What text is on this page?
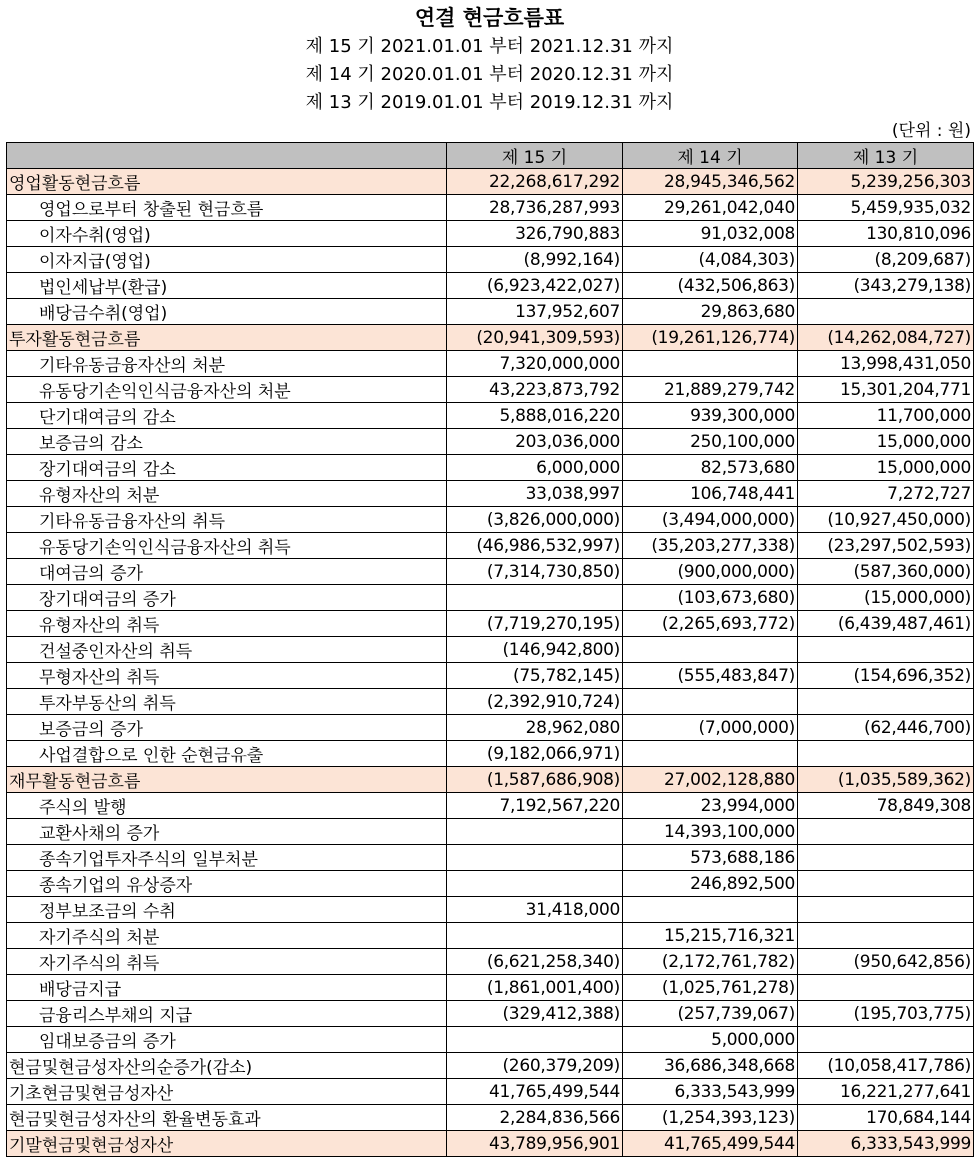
연결 현금흐름표
제 15 기 2021.01.01 부터 2021.12.31 까지
제 14 기 2020.01.01 부터 2020.12.31 까지
제 13 기 2019.01.01 부터 2019.12.31 까지
(단위 : 원)
	제 15 기	제 14 기	제 13 기
영업활동현금흐름	22,268,617,292	28,945,346,562	5,239,256,303
영업으로부터 창출된 현금흐름	28,736,287,993	29,261,042,040	5,459,935,032
이자수취(영업)	326,790,883	91,032,008	130,810,096
이자지급(영업)	(8,992,164)	(4,084,303)	(8,209,687)
법인세납부(환급)	(6,923,422,027)	(432,506,863)	(343,279,138)
배당금수취(영업)	137,952,607	29,863,680	
투자활동현금흐름	(20,941,309,593)	(19,261,126,774)	(14,262,084,727)
기타유동금융자산의 처분	7,320,000,000		13,998,431,050
유동당기손익인식금융자산의 처분	43,223,873,792	21,889,279,742	15,301,204,771
단기대여금의 감소	5,888,016,220	939,300,000	11,700,000
보증금의 감소	203,036,000	250,100,000	15,000,000
장기대여금의 감소	6,000,000	82,573,680	15,000,000
유형자산의 처분	33,038,997	106,748,441	7,272,727
기타유동금융자산의 취득	(3,826,000,000)	(3,494,000,000)	(10,927,450,000)
유동당기손익인식금융자산의 취득	(46,986,532,997)	(35,203,277,338)	(23,297,502,593)
대여금의 증가	(7,314,730,850)	(900,000,000)	(587,360,000)
장기대여금의 증가		(103,673,680)	(15,000,000)
유형자산의 취득	(7,719,270,195)	(2,265,693,772)	(6,439,487,461)
건설중인자산의 취득	(146,942,800)		
무형자산의 취득	(75,782,145)	(555,483,847)	(154,696,352)
투자부동산의 취득	(2,392,910,724)		
보증금의 증가	28,962,080	(7,000,000)	(62,446,700)
사업결합으로 인한 순현금유출	(9,182,066,971)		
재무활동현금흐름	(1,587,686,908)	27,002,128,880	(1,035,589,362)
주식의 발행	7,192,567,220	23,994,000	78,849,308
교환사채의 증가		14,393,100,000	
종속기업투자주식의 일부처분		573,688,186	
종속기업의 유상증자		246,892,500	
정부보조금의 수취	31,418,000		
자기주식의 처분		15,215,716,321	
자기주식의 취득	(6,621,258,340)	(2,172,761,782)	(950,642,856)
배당금지급	(1,861,001,400)	(1,025,761,278)	
금융리스부채의 지급	(329,412,388)	(257,739,067)	(195,703,775)
임대보증금의 증가		5,000,000	
현금및현금성자산의순증가(감소)	(260,379,209)	36,686,348,668	(10,058,417,786)
기초현금및현금성자산	41,765,499,544	6,333,543,999	16,221,277,641
현금및현금성자산의 환율변동효과	2,284,836,566	(1,254,393,123)	170,684,144
기말현금및현금성자산	43,789,956,901	41,765,499,544	6,333,543,999
